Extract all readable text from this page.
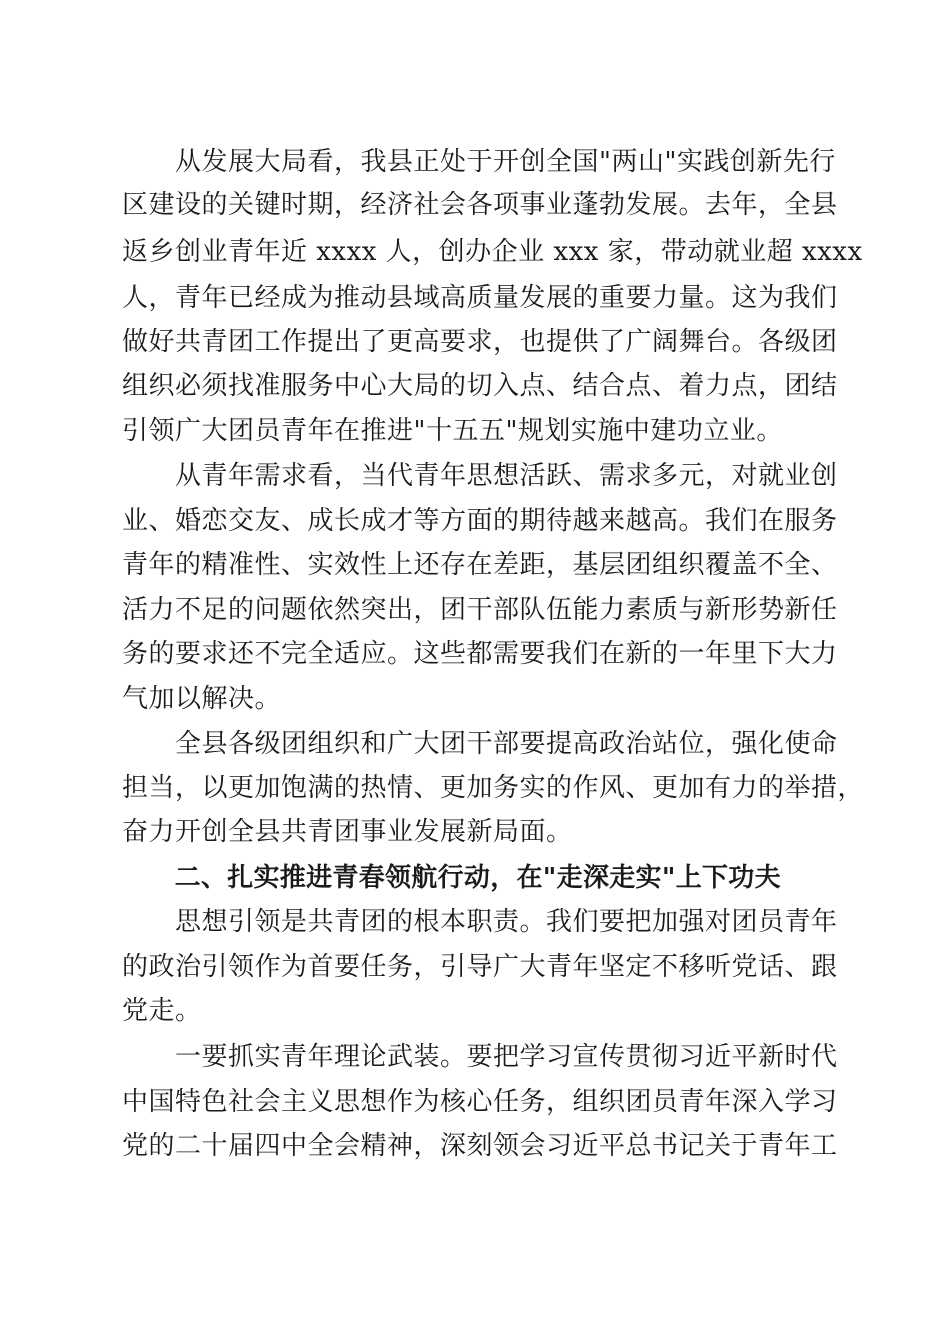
　　从发展大局看，我县正处于开创全国"两山"实践创新先行
区建设的关键时期，经济社会各项事业蓬勃发展。去年，全县
返乡创业青年近 xxxx 人，创办企业 xxx 家，带动就业超 xxxx
人，青年已经成为推动县域高质量发展的重要力量。这为我们
做好共青团工作提出了更高要求，也提供了广阔舞台。各级团
组织必须找准服务中心大局的切入点、结合点、着力点，团结
引领广大团员青年在推进"十五五"规划实施中建功立业。
　　从青年需求看，当代青年思想活跃、需求多元，对就业创
业、婚恋交友、成长成才等方面的期待越来越高。我们在服务
青年的精准性、实效性上还存在差距，基层团组织覆盖不全、
活力不足的问题依然突出，团干部队伍能力素质与新形势新任
务的要求还不完全适应。这些都需要我们在新的一年里下大力
气加以解决。
　　全县各级团组织和广大团干部要提高政治站位，强化使命
担当，以更加饱满的热情、更加务实的作风、更加有力的举措，
奋力开创全县共青团事业发展新局面。
　　二、扎实推进青春领航行动，在"走深走实"上下功夫
　　思想引领是共青团的根本职责。我们要把加强对团员青年
的政治引领作为首要任务，引导广大青年坚定不移听党话、跟
党走。
　　一要抓实青年理论武装。要把学习宣传贯彻习近平新时代
中国特色社会主义思想作为核心任务，组织团员青年深入学习
党的二十届四中全会精神，深刻领会习近平总书记关于青年工
